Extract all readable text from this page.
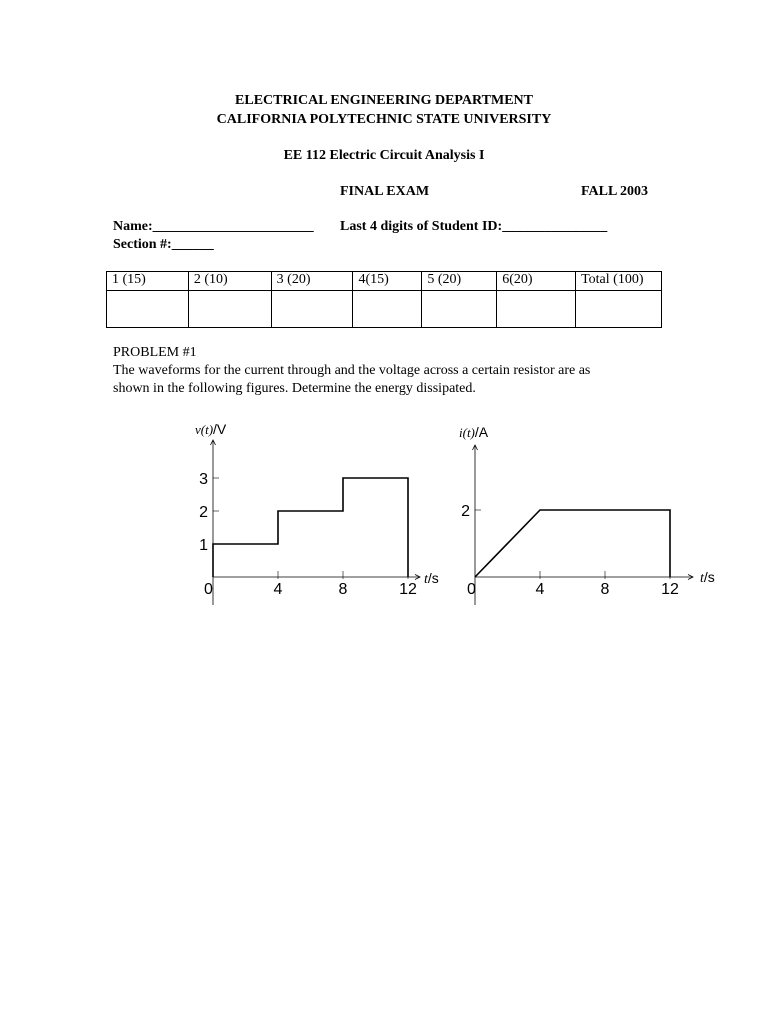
ELECTRICAL ENGINEERING DEPARTMENT
CALIFORNIA POLYTECHNIC STATE UNIVERSITY
EE 112 Electric Circuit Analysis I
FINAL EXAM	FALL 2003
Name:_______________________ Last 4 digits of Student ID:_______________
Section #:______
1 (15)	2 (10)	3 (20)	4(15)	5 (20)	6(20)	Total (100)

PROBLEM #1
The waveforms for the current through and the voltage across a certain resistor are as
shown in the following figures. Determine the energy dissipated.
v(t)/V
t/s
0	4	8	12
1
2
3
i(t)/A
t/s
0	4	8	12
2
